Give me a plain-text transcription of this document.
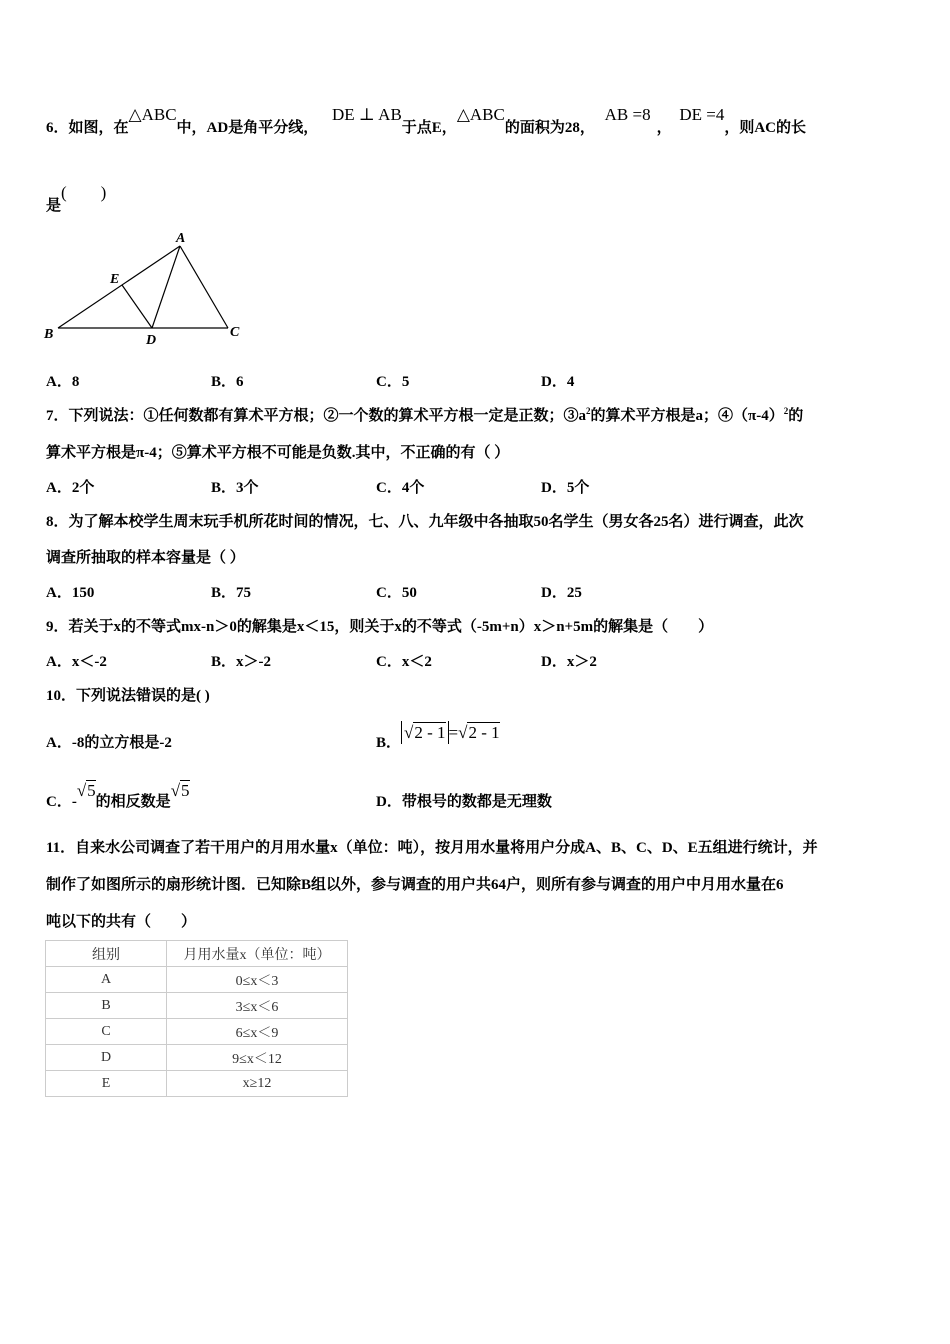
6．如图，在△ABC中，AD是角平分线， DE ⊥ AB于点E，△ABC的面积为28， AB =8， DE =4，则AC的长
是(　　)
A
B	C
D
E
A．8	B．6	C．5	D．4
7．下列说法：①任何数都有算术平方根；②一个数的算术平方根一定是正数；$③a^2$的算术平方根是a；$④(\pi-4)^2$的
算术平方根是π-4；⑤算术平方根不可能是负数.其中，不正确的有（ ）
A．2个	B．3个	C．4个	D．5个
8．为了解本校学生周末玩手机所花时间的情况，七、八、九年级中各抽取50名学生（男女各25名）进行调查，此次
调查所抽取的样本容量是（ ）
A．150	B．75	C．50	D．25
9．若关于x的不等式mx-n＞0的解集是x＜15，则关于x的不等式（-5m+n）x＞n+5m的解集是（　　）
A．x＜-2	B．x＞-2	C．x＜2	D．x＞2
10．下列说法错误的是( )
A．-8的立方根是-2	B．√2 - 1 =√2 - 1
C．-√5的相反数是√5
D．带根号的数都是无理数
11．自来水公司调查了若干用户的月用水量x（单位：吨），按月用水量将用户分成A、B、C、D、E五组进行统计，并
制作了如图所示的扇形统计图．已知除B组以外，参与调查的用户共64户，则所有参与调查的用户中月用水量在6
吨以下的共有（　　）
组别	月用水量x（单位：吨）
A	0≤x＜3
B	3≤x＜6
C	6≤x＜9
D	9≤x＜12
E	x≥12
